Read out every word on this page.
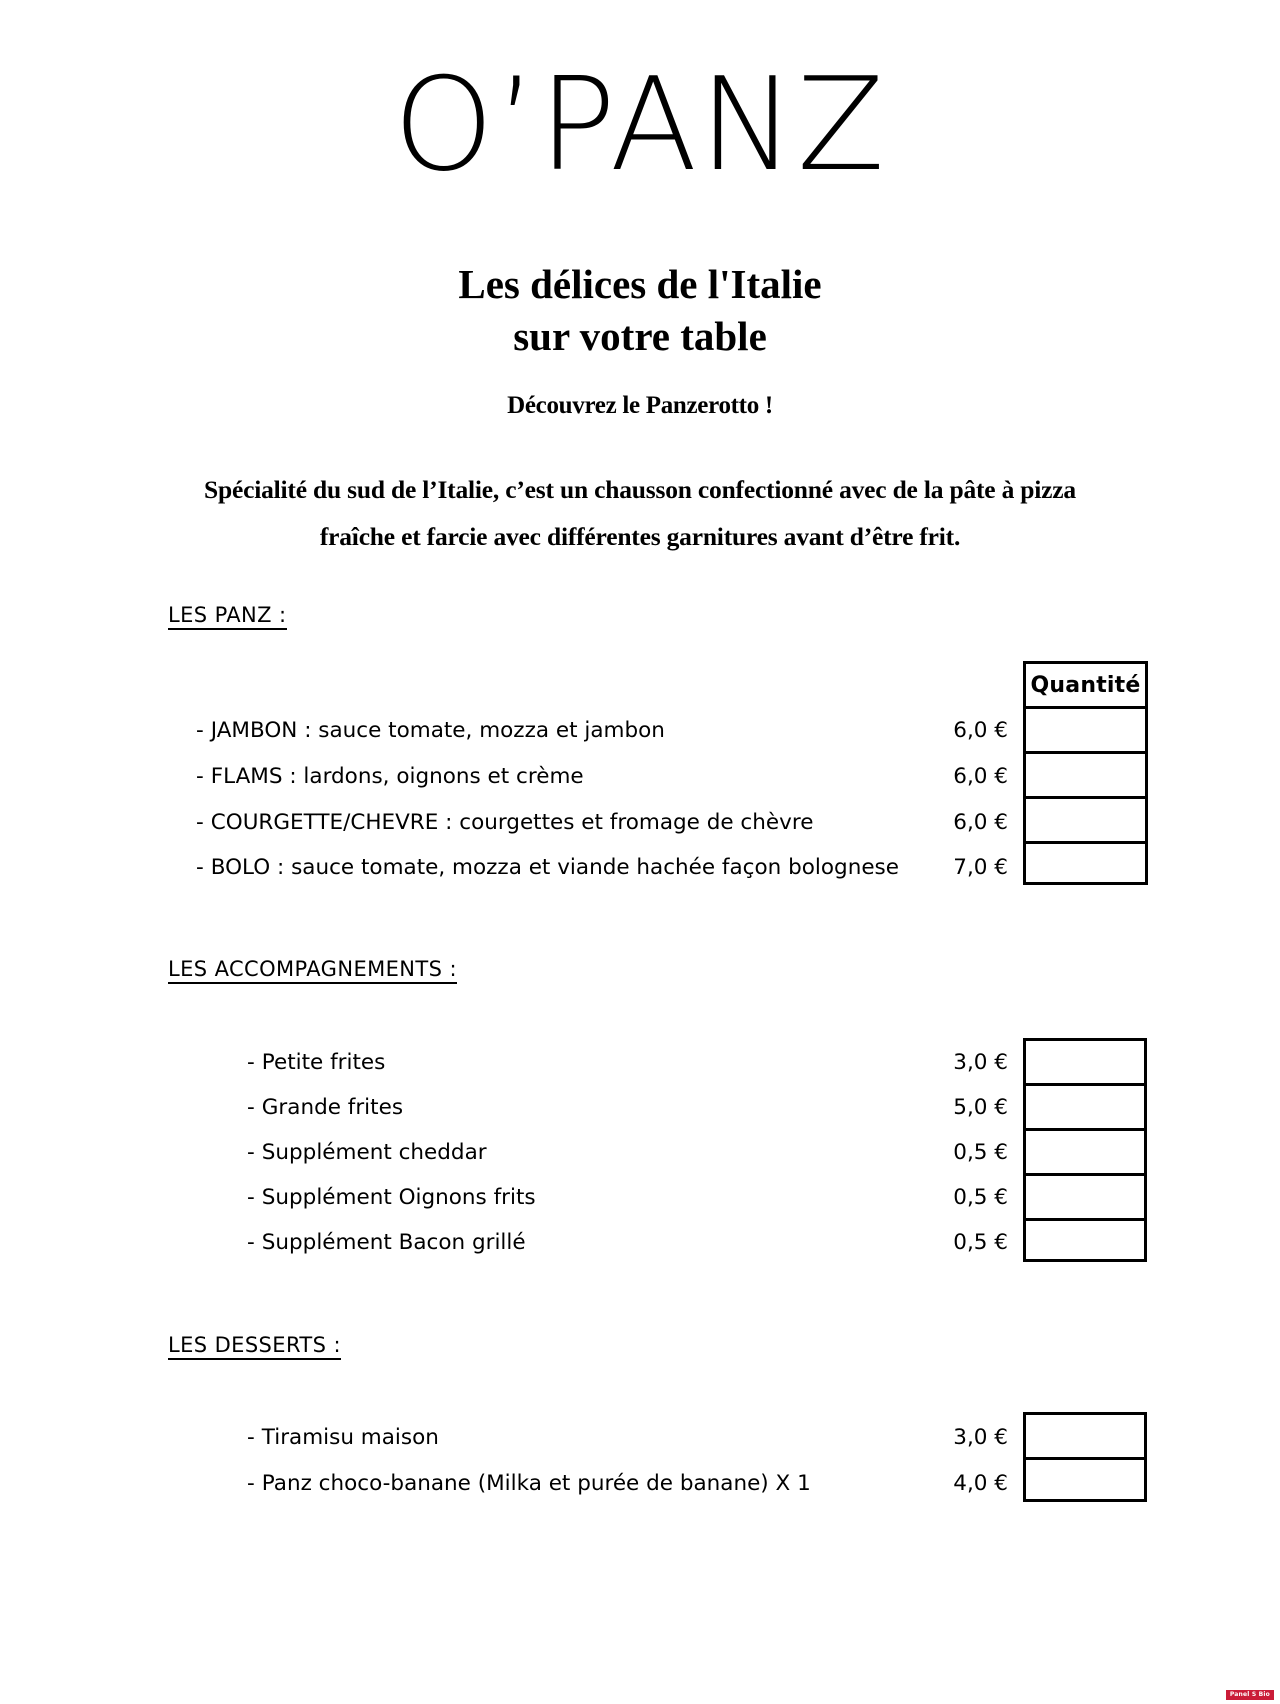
O’PANZ
Les délices de l'Italie
sur votre table
Découvrez le Panzerotto !
Spécialité du sud de l’Italie, c’est un chausson confectionné avec de la pâte à pizza fraîche et farcie avec différentes garnitures avant d’être frit.
LES PANZ :
- JAMBON : sauce tomate, mozza et jambon	6,0 €
- FLAMS : lardons, oignons et crème	6,0 €
- COURGETTE/CHEVRE : courgettes et fromage de chèvre	6,0 €
- BOLO : sauce tomate, mozza et viande hachée façon bolognese	7,0 €
Quantité
LES ACCOMPAGNEMENTS :
- Petite frites	3,0 €
- Grande frites	5,0 €
- Supplément cheddar	0,5 €
- Supplément Oignons frits	0,5 €
- Supplément Bacon grillé	0,5 €
LES DESSERTS :
- Tiramisu maison	3,0 €
- Panz choco-banane (Milka et purée de banane) X 1	4,0 €
Panel S Bio
